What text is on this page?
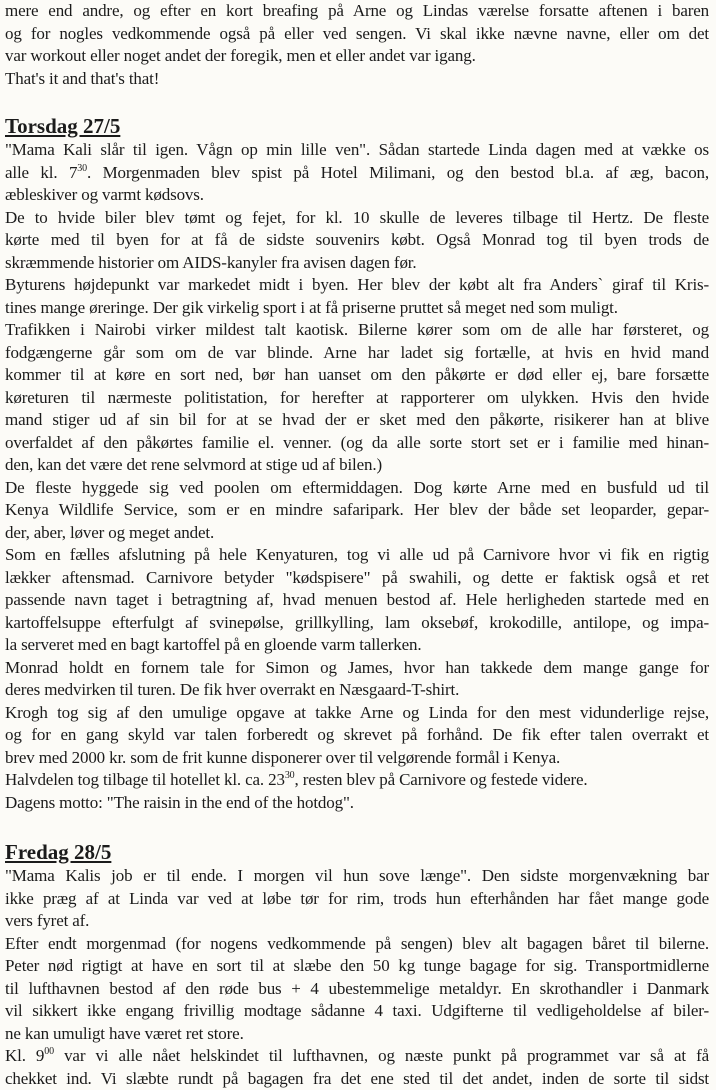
mere end andre, og efter en kort breafing på Arne og Lindas værelse forsatte aftenen i baren
og for nogles vedkommende også på eller ved sengen. Vi skal ikke nævne navne, eller om det
var workout eller noget andet der foregik, men et eller andet var igang.
That's it and that's that!
Torsdag 27/5
"Mama Kali slår til igen. Vågn op min lille ven". Sådan startede Linda dagen med at vække os
alle kl. $7^{30}$. Morgenmaden blev spist på Hotel Milimani, og den bestod bl.a. af æg, bacon,
æbleskiver og varmt kødsovs.
De to hvide biler blev tømt og fejet, for kl. 10 skulle de leveres tilbage til Hertz. De fleste
kørte med til byen for at få de sidste souvenirs købt. Også Monrad tog til byen trods de
skræmmende historier om AIDS-kanyler fra avisen dagen før.
Byturens højdepunkt var markedet midt i byen. Her blev der købt alt fra Anders` giraf til Kris-
tines mange øreringe. Der gik virkelig sport i at få priserne pruttet så meget ned som muligt.
Trafikken i Nairobi virker mildest talt kaotisk. Bilerne kører som om de alle har førsteret, og
fodgængerne går som om de var blinde. Arne har ladet sig fortælle, at hvis en hvid mand
kommer til at køre en sort ned, bør han uanset om den påkørte er død eller ej, bare forsætte
køreturen til nærmeste politistation, for herefter at rapporterer om ulykken. Hvis den hvide
mand stiger ud af sin bil for at se hvad der er sket med den påkørte, risikerer han at blive
overfaldet af den påkørtes familie el. venner. (og da alle sorte stort set er i familie med hinan-
den, kan det være det rene selvmord at stige ud af bilen.)
De fleste hyggede sig ved poolen om eftermiddagen. Dog kørte Arne med en busfuld ud til
Kenya Wildlife Service, som er en mindre safaripark. Her blev der både set leoparder, gepar-
der, aber, løver og meget andet.
Som en fælles afslutning på hele Kenyaturen, tog vi alle ud på Carnivore hvor vi fik en rigtig
lækker aftensmad. Carnivore betyder "kødspisere" på swahili, og dette er faktisk også et ret
passende navn taget i betragtning af, hvad menuen bestod af. Hele herligheden startede med en
kartoffelsuppe efterfulgt af svinepølse, grillkylling, lam oksebøf, krokodille, antilope, og impa-
la serveret med en bagt kartoffel på en gloende varm tallerken.
Monrad holdt en fornem tale for Simon og James, hvor han takkede dem mange gange for
deres medvirken til turen. De fik hver overrakt en Næsgaard-T-shirt.
Krogh tog sig af den umulige opgave at takke Arne og Linda for den mest vidunderlige rejse,
og for en gang skyld var talen forberedt og skrevet på forhånd. De fik efter talen overrakt et
brev med 2000 kr. som de frit kunne disponerer over til velgørende formål i Kenya.
Halvdelen tog tilbage til hotellet kl. ca. $23^{30}$, resten blev på Carnivore og festede videre.
Dagens motto: "The raisin in the end of the hotdog".
Fredag 28/5
"Mama Kalis job er til ende. I morgen vil hun sove længe". Den sidste morgenvækning bar
ikke præg af at Linda var ved at løbe tør for rim, trods hun efterhånden har fået mange gode
vers fyret af.
Efter endt morgenmad (for nogens vedkommende på sengen) blev alt bagagen båret til bilerne.
Peter nød rigtigt at have en sort til at slæbe den 50 kg tunge bagage for sig. Transportmidlerne
til lufthavnen bestod af den røde bus + 4 ubestemmelige metaldyr. En skrothandler i Danmark
vil sikkert ikke engang frivillig modtage sådanne 4 taxi. Udgifterne til vedligeholdelse af biler-
ne kan umuligt have været ret store.
Kl. $9^{00}$ var vi alle nået helskindet til lufthavnen, og næste punkt på programmet var så at få
chekket ind. Vi slæbte rundt på bagagen fra det ene sted til det andet, inden de sorte til sidst
